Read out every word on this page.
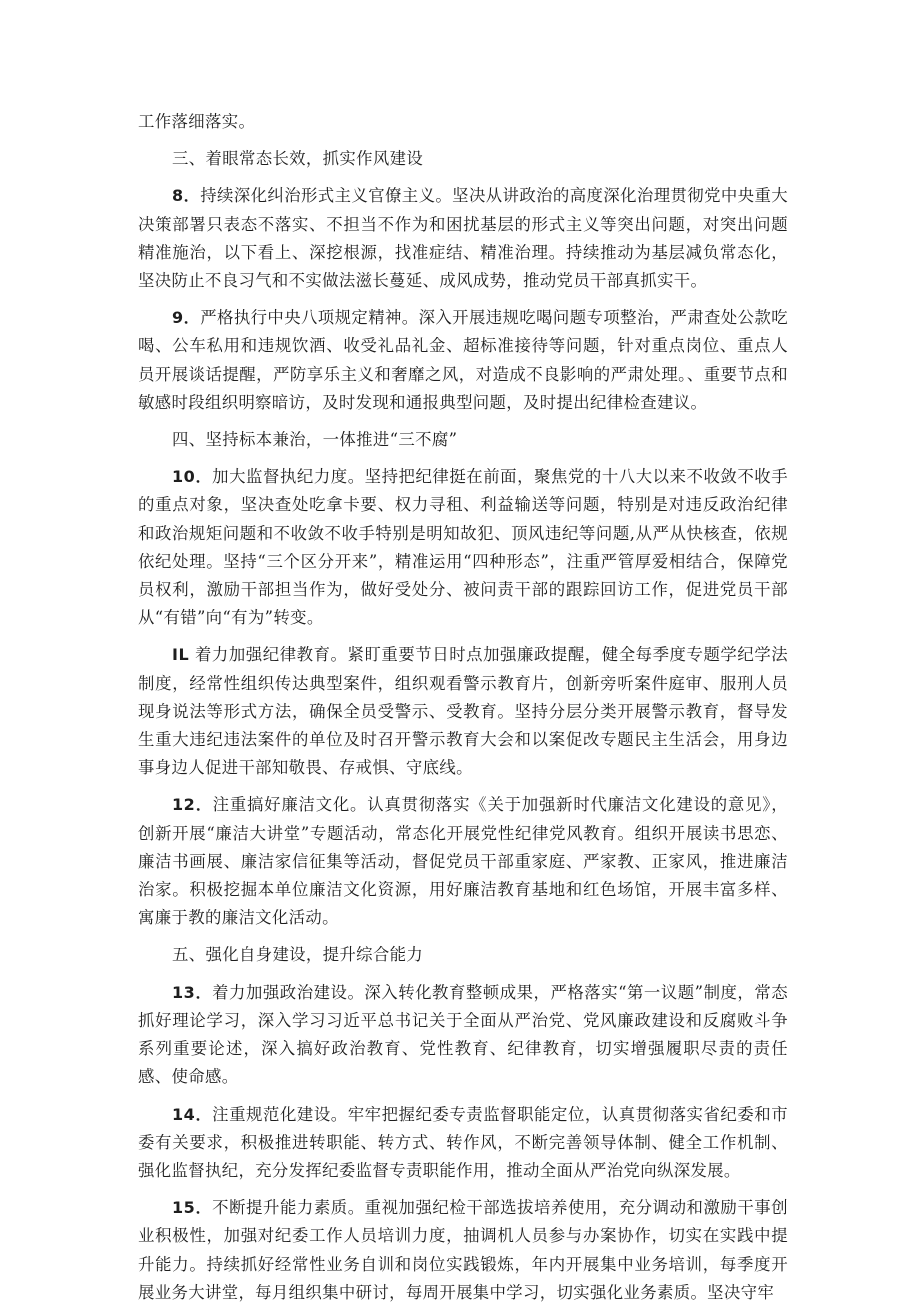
工作落细落实。

三、着眼常态长效，抓实作风建设

8．持续深化纠治形式主义官僚主义。坚决从讲政治的高度深化治理贯彻党中央重大决策部署只表态不落实、不担当不作为和困扰基层的形式主义等突出问题，对突出问题精准施治，以下看上、深挖根源，找准症结、精准治理。持续推动为基层减负常态化，坚决防止不良习气和不实做法滋长蔓延、成风成势，推动党员干部真抓实干。

9．严格执行中央八项规定精神。深入开展违规吃喝问题专项整治，严肃查处公款吃喝、公车私用和违规饮酒、收受礼品礼金、超标准接待等问题，针对重点岗位、重点人员开展谈话提醒，严防享乐主义和奢靡之风，对造成不良影响的严肃处理。、重要节点和敏感时段组织明察暗访，及时发现和通报典型问题，及时提出纪律检查建议。

四、坚持标本兼治，一体推进“三不腐”

10．加大监督执纪力度。坚持把纪律挺在前面，聚焦党的十八大以来不收敛不收手的重点对象，坚决查处吃拿卡要、权力寻租、利益输送等问题，特别是对违反政治纪律和政治规矩问题和不收敛不收手特别是明知故犯、顶风违纪等问题,从严从快核查，依规依纪处理。坚持“三个区分开来”，精准运用“四种形态”，注重严管厚爱相结合，保障党员权利，激励干部担当作为，做好受处分、被问责干部的跟踪回访工作，促进党员干部从“有错”向“有为”转变。

IL 着力加强纪律教育。紧盯重要节日时点加强廉政提醒，健全每季度专题学纪学法制度，经常性组织传达典型案件，组织观看警示教育片，创新旁听案件庭审、服刑人员现身说法等形式方法，确保全员受警示、受教育。坚持分层分类开展警示教育，督导发生重大违纪违法案件的单位及时召开警示教育大会和以案促改专题民主生活会，用身边事身边人促进干部知敬畏、存戒惧、守底线。

12．注重搞好廉洁文化。认真贯彻落实《关于加强新时代廉洁文化建设的意见》，创新开展“廉洁大讲堂”专题活动，常态化开展党性纪律党风教育。组织开展读书思恋、廉洁书画展、廉洁家信征集等活动，督促党员干部重家庭、严家教、正家风，推进廉洁治家。积极挖掘本单位廉洁文化资源，用好廉洁教育基地和红色场馆，开展丰富多样、寓廉于教的廉洁文化活动。

五、强化自身建设，提升综合能力

13．着力加强政治建设。深入转化教育整顿成果，严格落实“第一议题”制度，常态抓好理论学习，深入学习习近平总书记关于全面从严治党、党风廉政建设和反腐败斗争系列重要论述，深入搞好政治教育、党性教育、纪律教育，切实增强履职尽责的责任感、使命感。

14．注重规范化建设。牢牢把握纪委专责监督职能定位，认真贯彻落实省纪委和市委有关要求，积极推进转职能、转方式、转作风，不断完善领导体制、健全工作机制、强化监督执纪，充分发挥纪委监督专责职能作用，推动全面从严治党向纵深发展。

15．不断提升能力素质。重视加强纪检干部选拔培养使用，充分调动和激励干事创业积极性，加强对纪委工作人员培训力度，抽调机人员参与办案协作，切实在实践中提升能力。持续抓好经常性业务自训和岗位实践锻炼，年内开展集中业务培训，每季度开展业务大讲堂，每月组织集中研讨，每周开展集中学习，切实强化业务素质。坚决守牢
